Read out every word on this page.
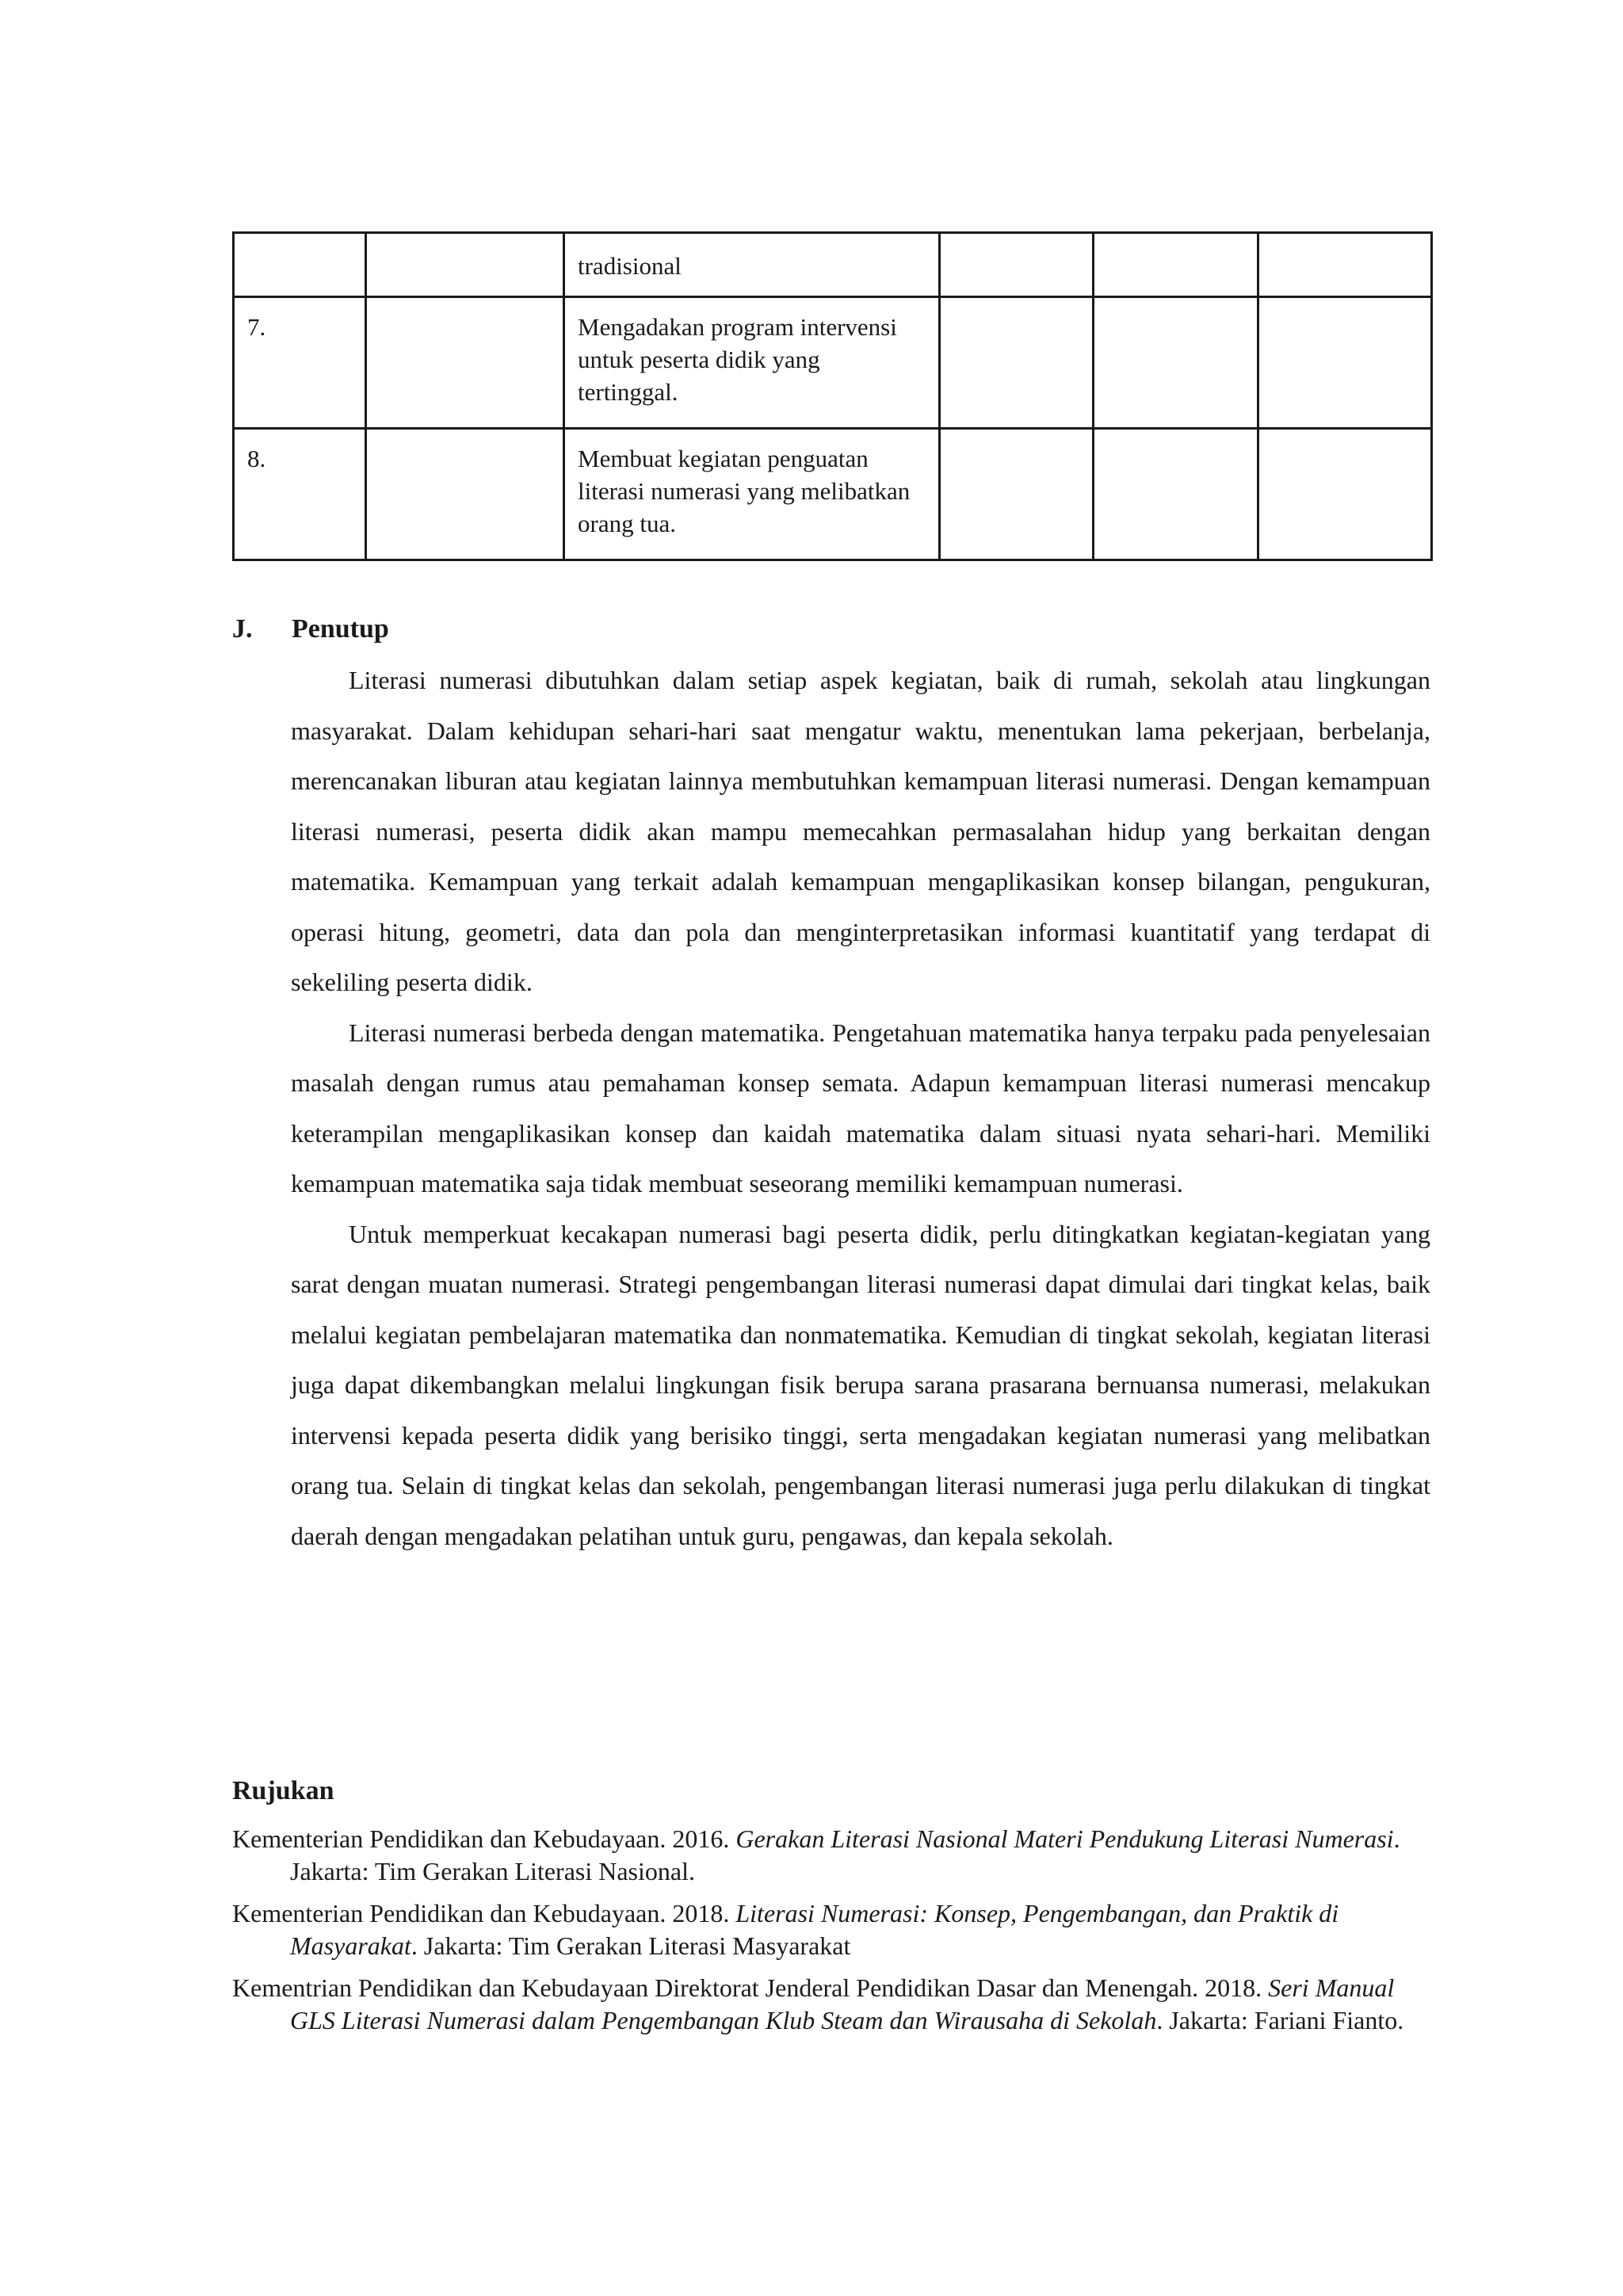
		tradisional			
7.		Mengadakan program intervensi untuk peserta didik yang tertinggal.			
8.		Membuat kegiatan penguatan literasi numerasi yang melibatkan orang tua.			
J. Penutup

Literasi numerasi dibutuhkan dalam setiap aspek kegiatan, baik di rumah, sekolah atau lingkungan masyarakat. Dalam kehidupan sehari-hari saat mengatur waktu, menentukan lama pekerjaan, berbelanja, merencanakan liburan atau kegiatan lainnya membutuhkan kemampuan literasi numerasi. Dengan kemampuan literasi numerasi, peserta didik akan mampu memecahkan permasalahan hidup yang berkaitan dengan matematika. Kemampuan yang terkait adalah kemampuan mengaplikasikan konsep bilangan, pengukuran, operasi hitung, geometri, data dan pola dan menginterpretasikan informasi kuantitatif yang terdapat di sekeliling peserta didik.

Literasi numerasi berbeda dengan matematika. Pengetahuan matematika hanya terpaku pada penyelesaian masalah dengan rumus atau pemahaman konsep semata. Adapun kemampuan literasi numerasi mencakup keterampilan mengaplikasikan konsep dan kaidah matematika dalam situasi nyata sehari-hari. Memiliki kemampuan matematika saja tidak membuat seseorang memiliki kemampuan numerasi.

Untuk memperkuat kecakapan numerasi bagi peserta didik, perlu ditingkatkan kegiatan-kegiatan yang sarat dengan muatan numerasi. Strategi pengembangan literasi numerasi dapat dimulai dari tingkat kelas, baik melalui kegiatan pembelajaran matematika dan nonmatematika. Kemudian di tingkat sekolah, kegiatan literasi juga dapat dikembangkan melalui lingkungan fisik berupa sarana prasarana bernuansa numerasi, melakukan intervensi kepada peserta didik yang berisiko tinggi, serta mengadakan kegiatan numerasi yang melibatkan orang tua. Selain di tingkat kelas dan sekolah, pengembangan literasi numerasi juga perlu dilakukan di tingkat daerah dengan mengadakan pelatihan untuk guru, pengawas, dan kepala sekolah.

Rujukan
Kementerian Pendidikan dan Kebudayaan. 2016. Gerakan Literasi Nasional Materi Pendukung Literasi Numerasi. Jakarta: Tim Gerakan Literasi Nasional.
Kementerian Pendidikan dan Kebudayaan. 2018. Literasi Numerasi: Konsep, Pengembangan, dan Praktik di Masyarakat. Jakarta: Tim Gerakan Literasi Masyarakat
Kementrian Pendidikan dan Kebudayaan Direktorat Jenderal Pendidikan Dasar dan Menengah. 2018. Seri Manual GLS Literasi Numerasi dalam Pengembangan Klub Steam dan Wirausaha di Sekolah. Jakarta: Fariani Fianto.
